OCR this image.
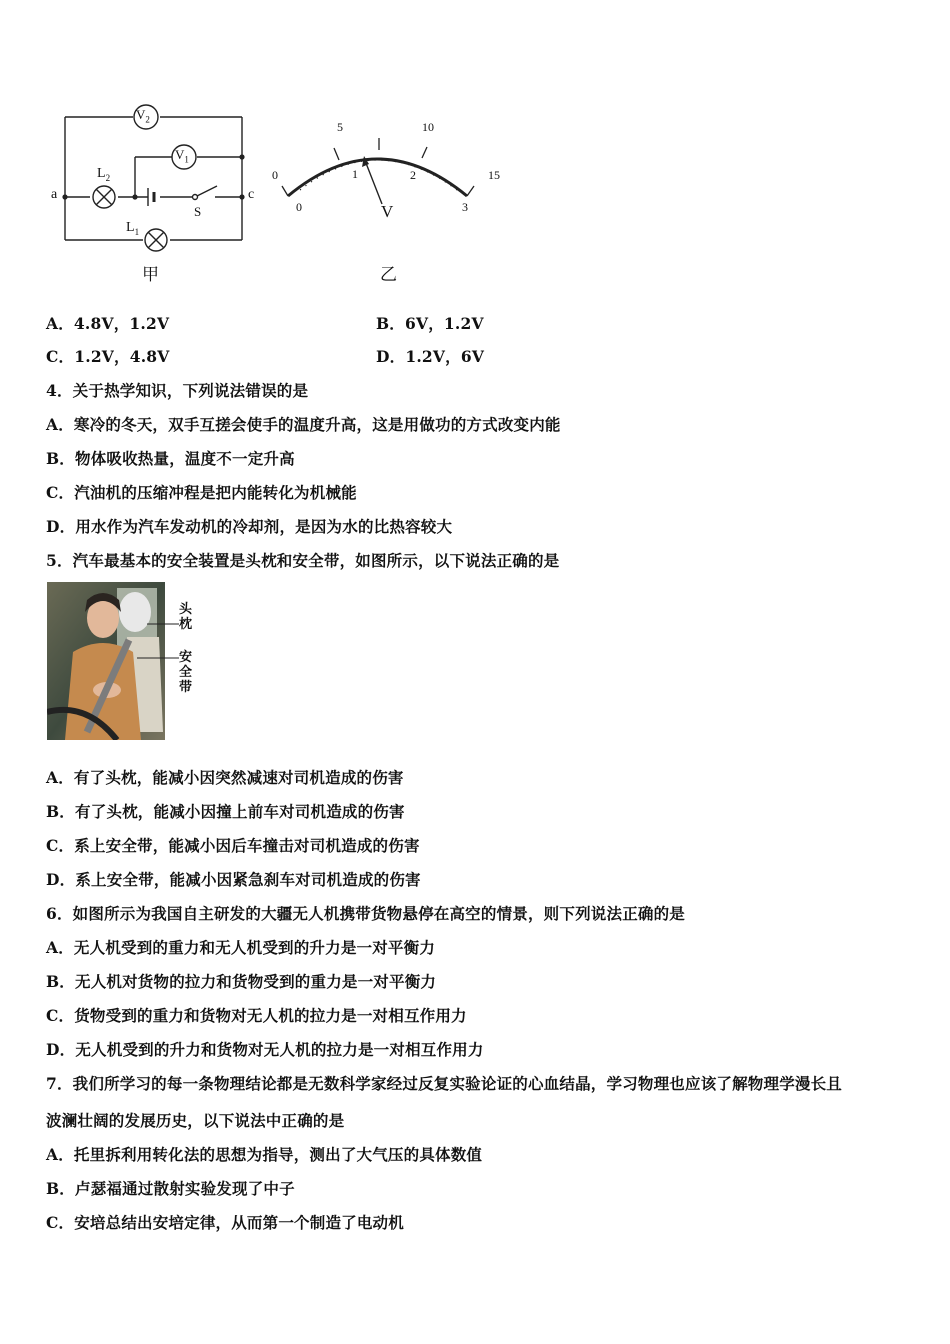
$V_2$
$V_1$
$L_2$
$L_1$
a	c
S
甲
0
5	10
15
0
1	2
3
V
乙
A．4.8V，1.2V	B．6V，1.2V
C．1.2V，4.8V	D．1.2V，6V
4．关于热学知识，下列说法错误的是
A．寒冷的冬天，双手互搓会使手的温度升高，这是用做功的方式改变内能
B．物体吸收热量，温度不一定升高
C．汽油机的压缩冲程是把内能转化为机械能
D．用水作为汽车发动机的冷却剂，是因为水的比热容较大
5．汽车最基本的安全装置是头枕和安全带，如图所示，以下说法正确的是
头枕
安全带
A．有了头枕，能减小因突然减速对司机造成的伤害
B．有了头枕，能减小因撞上前车对司机造成的伤害
C．系上安全带，能减小因后车撞击对司机造成的伤害
D．系上安全带，能减小因紧急刹车对司机造成的伤害
6．如图所示为我国自主研发的大疆无人机携带货物悬停在高空的情景，则下列说法正确的是
A．无人机受到的重力和无人机受到的升力是一对平衡力
B．无人机对货物的拉力和货物受到的重力是一对平衡力
C．货物受到的重力和货物对无人机的拉力是一对相互作用力
D．无人机受到的升力和货物对无人机的拉力是一对相互作用力
7．我们所学习的每一条物理结论都是无数科学家经过反复实验论证的心血结晶，学习物理也应该了解物理学漫长且
波澜壮阔的发展历史，以下说法中正确的是
A．托里拆利用转化法的思想为指导，测出了大气压的具体数值
B．卢瑟福通过散射实验发现了中子
C．安培总结出安培定律，从而第一个制造了电动机
